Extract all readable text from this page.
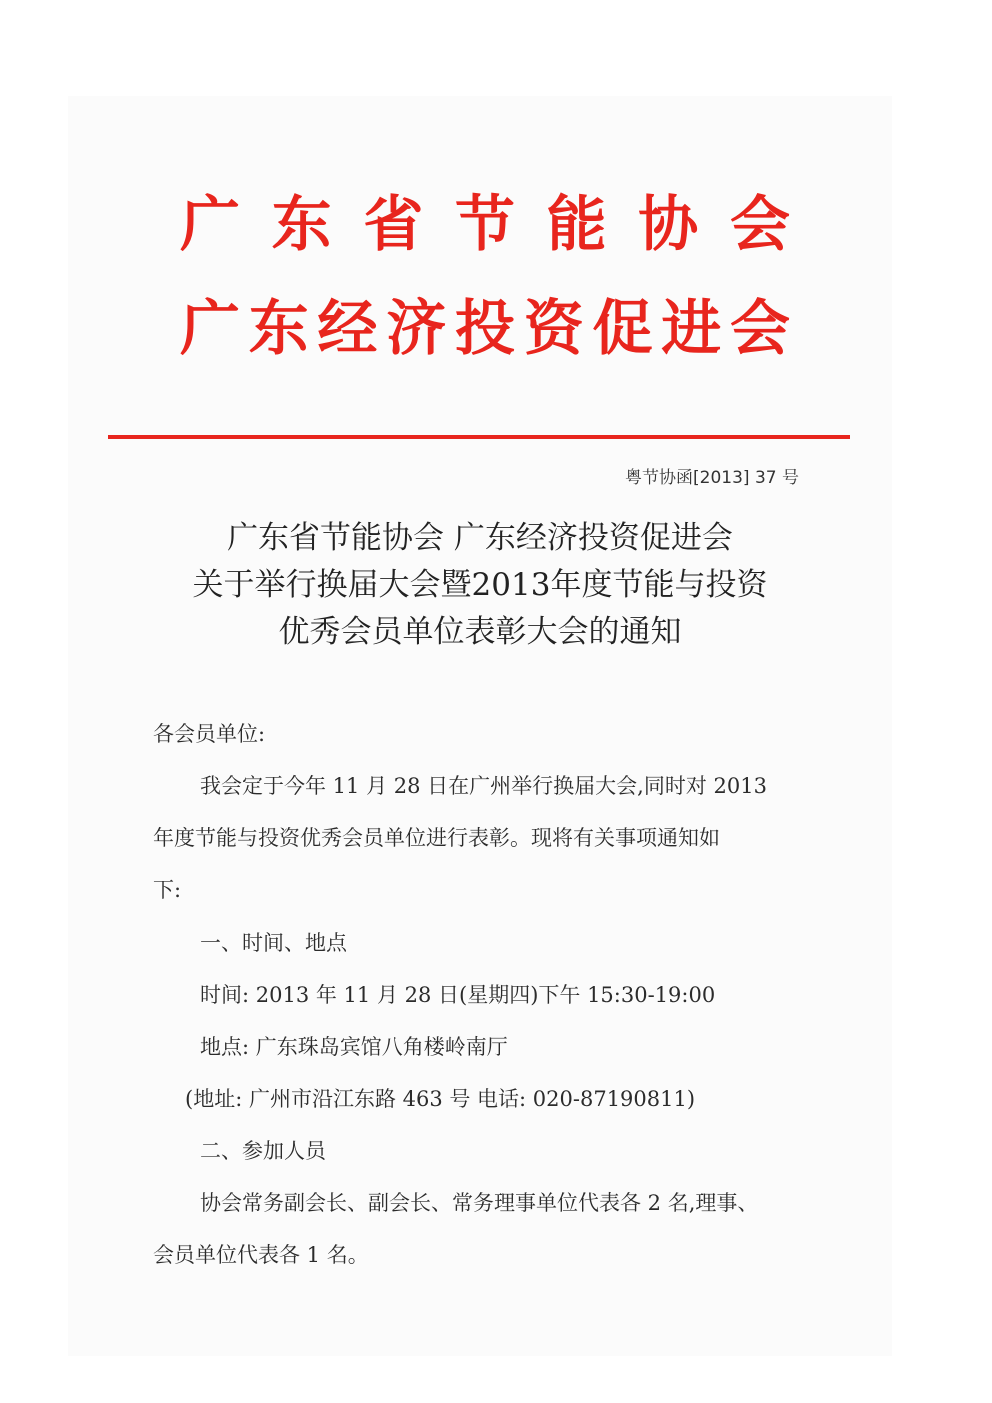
广 东 省 节 能 协 会
广 东 经 济 投 资 促 进 会
粤节协函[2013] 37 号
广东省节能协会 广东经济投资促进会
关于举行换届大会暨2013年度节能与投资
优秀会员单位表彰大会的通知
各会员单位:
我会定于今年 11 月 28 日在广州举行换届大会,同时对 2013
年度节能与投资优秀会员单位进行表彰。现将有关事项通知如
下:
一、时间、地点
时间: 2013 年 11 月 28 日(星期四)下午 15:30-19:00
地点: 广东珠岛宾馆八角楼岭南厅
(地址: 广州市沿江东路 463 号 电话: 020-87190811)
二、参加人员
协会常务副会长、副会长、常务理事单位代表各 2 名,理事、
会员单位代表各 1 名。
